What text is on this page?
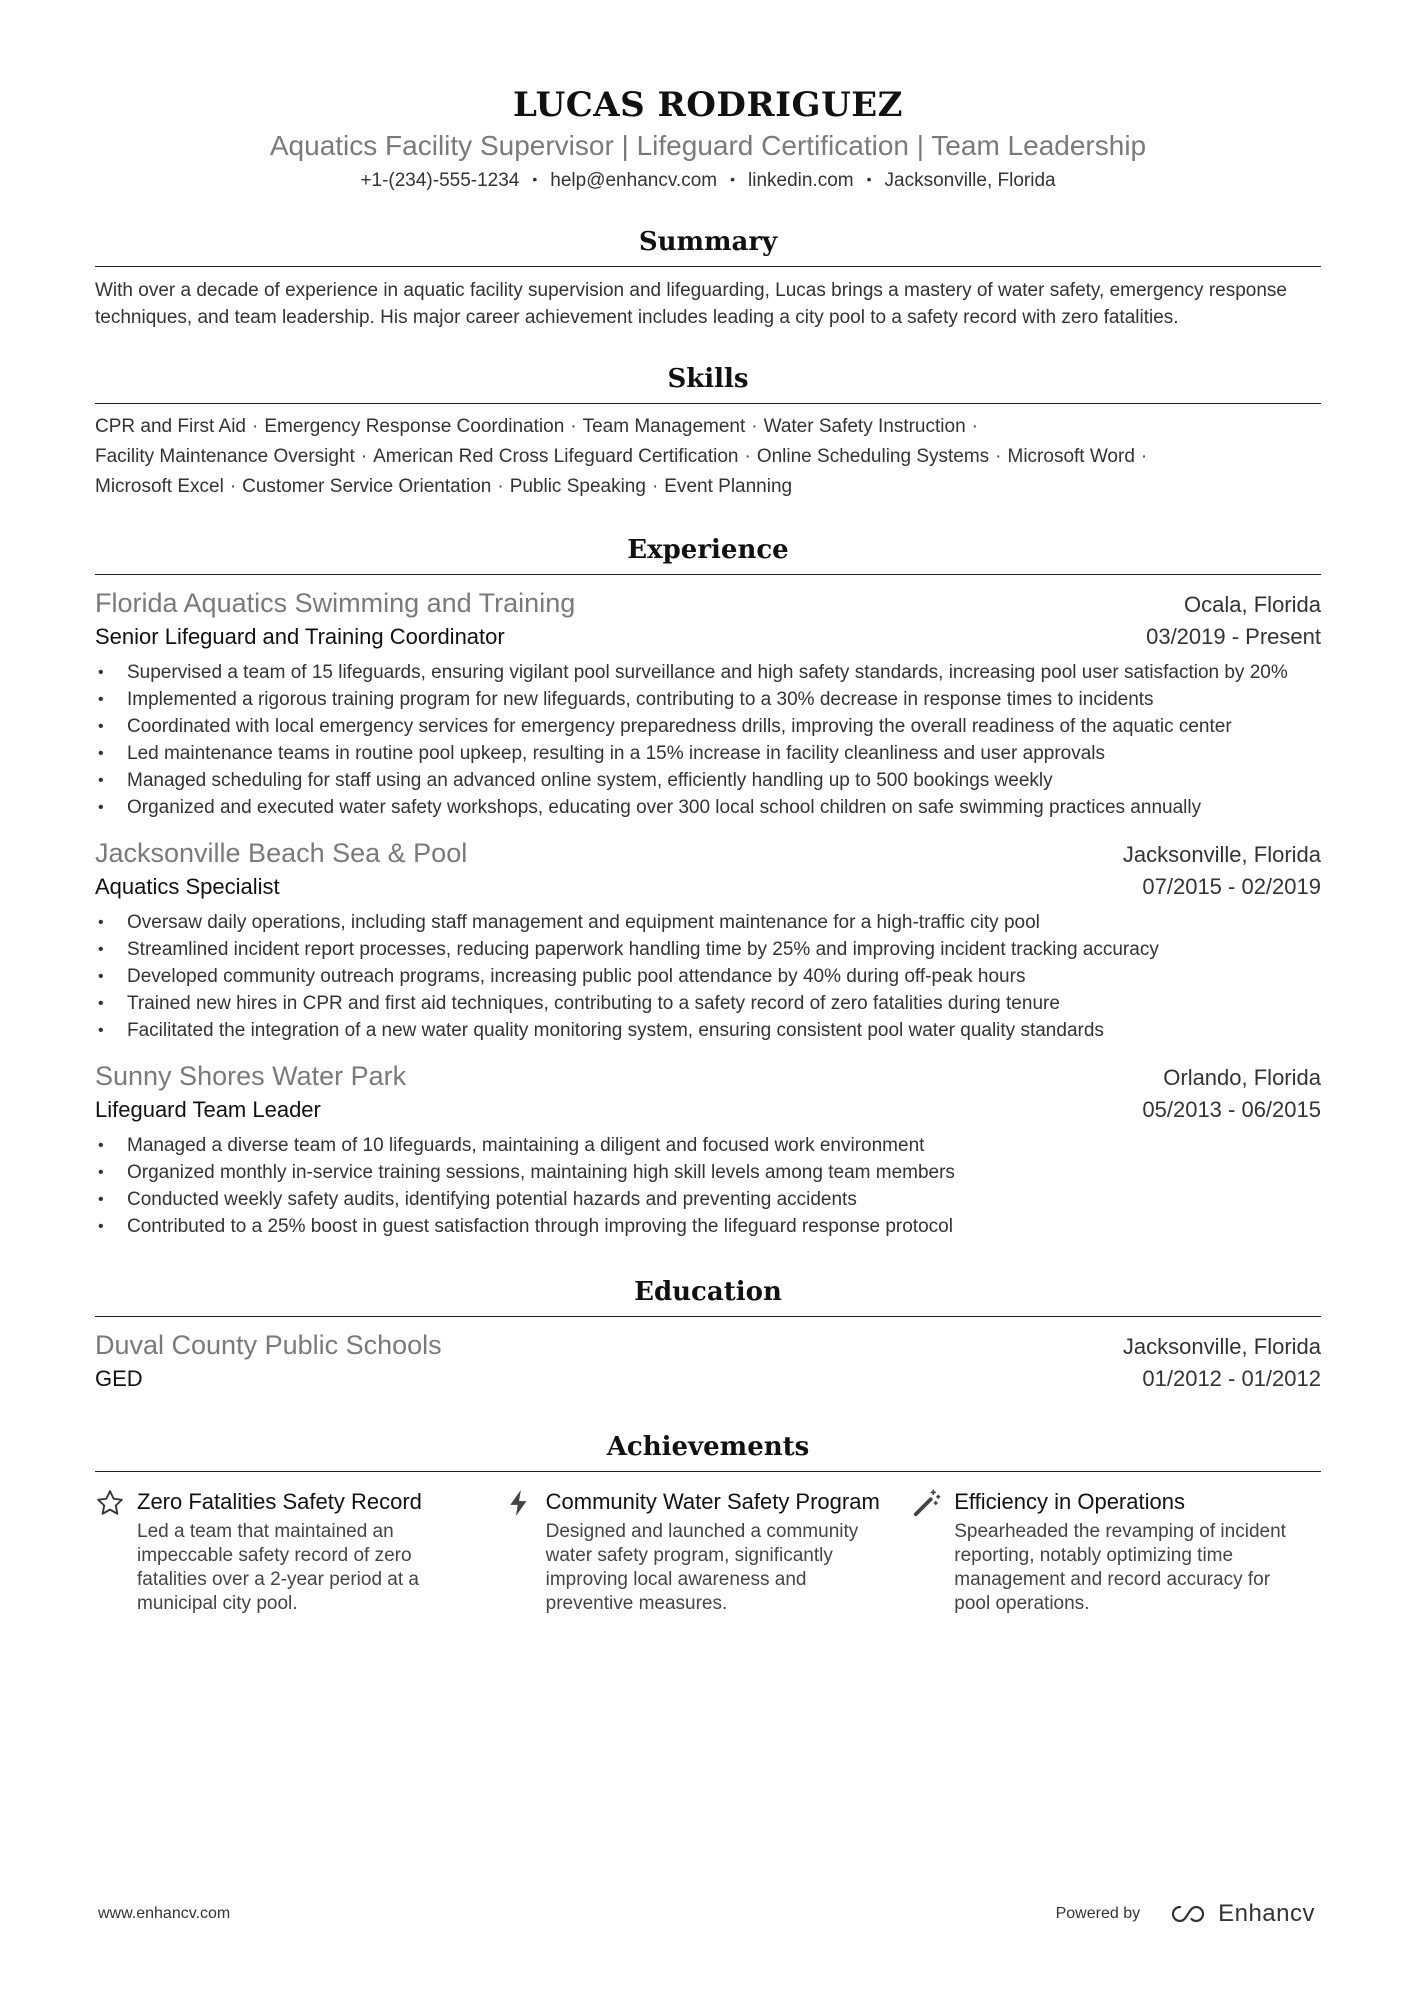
LUCAS RODRIGUEZ
Aquatics Facility Supervisor | Lifeguard Certification | Team Leadership
+1-(234)-555-1234 • help@enhancv.com • linkedin.com • Jacksonville, Florida
Summary
With over a decade of experience in aquatic facility supervision and lifeguarding, Lucas brings a mastery of water safety, emergency response techniques, and team leadership. His major career achievement includes leading a city pool to a safety record with zero fatalities.
Skills
CPR and First Aid · Emergency Response Coordination · Team Management · Water Safety Instruction ·
Facility Maintenance Oversight · American Red Cross Lifeguard Certification · Online Scheduling Systems · Microsoft Word ·
Microsoft Excel · Customer Service Orientation · Public Speaking · Event Planning
Experience
Florida Aquatics Swimming and Training	Ocala, Florida
Senior Lifeguard and Training Coordinator	03/2019 - Present
• Supervised a team of 15 lifeguards, ensuring vigilant pool surveillance and high safety standards, increasing pool user satisfaction by 20%
• Implemented a rigorous training program for new lifeguards, contributing to a 30% decrease in response times to incidents
• Coordinated with local emergency services for emergency preparedness drills, improving the overall readiness of the aquatic center
• Led maintenance teams in routine pool upkeep, resulting in a 15% increase in facility cleanliness and user approvals
• Managed scheduling for staff using an advanced online system, efficiently handling up to 500 bookings weekly
• Organized and executed water safety workshops, educating over 300 local school children on safe swimming practices annually
Jacksonville Beach Sea & Pool	Jacksonville, Florida
Aquatics Specialist	07/2015 - 02/2019
• Oversaw daily operations, including staff management and equipment maintenance for a high-traffic city pool
• Streamlined incident report processes, reducing paperwork handling time by 25% and improving incident tracking accuracy
• Developed community outreach programs, increasing public pool attendance by 40% during off-peak hours
• Trained new hires in CPR and first aid techniques, contributing to a safety record of zero fatalities during tenure
• Facilitated the integration of a new water quality monitoring system, ensuring consistent pool water quality standards
Sunny Shores Water Park	Orlando, Florida
Lifeguard Team Leader	05/2013 - 06/2015
• Managed a diverse team of 10 lifeguards, maintaining a diligent and focused work environment
• Organized monthly in-service training sessions, maintaining high skill levels among team members
• Conducted weekly safety audits, identifying potential hazards and preventing accidents
• Contributed to a 25% boost in guest satisfaction through improving the lifeguard response protocol
Education
Duval County Public Schools	Jacksonville, Florida
GED	01/2012 - 01/2012
Achievements
Zero Fatalities Safety Record
Led a team that maintained an impeccable safety record of zero fatalities over a 2-year period at a municipal city pool.
Community Water Safety Program
Designed and launched a community water safety program, significantly improving local awareness and preventive measures.
Efficiency in Operations
Spearheaded the revamping of incident reporting, notably optimizing time management and record accuracy for pool operations.
www.enhancv.com	Powered by	Enhancv
